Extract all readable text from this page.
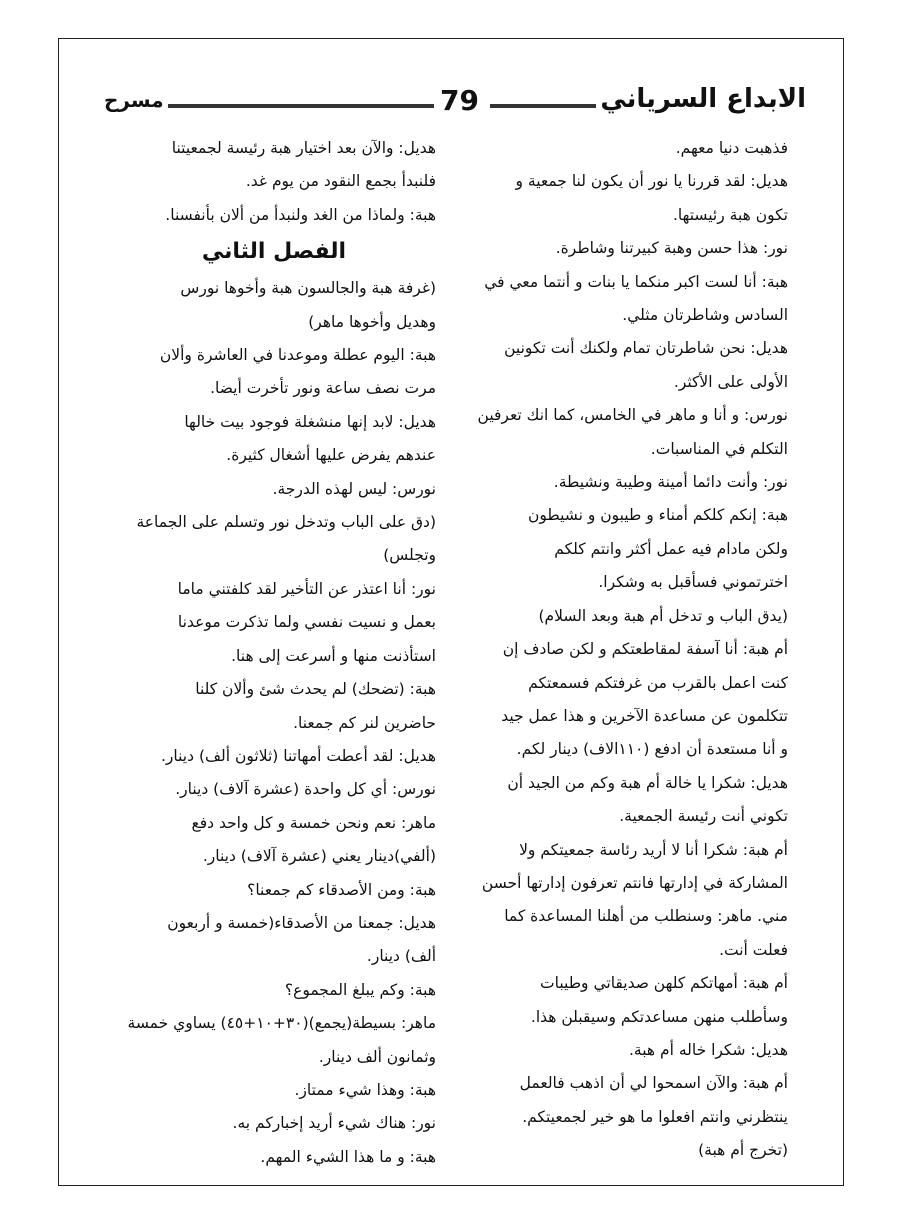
مسرح	79	الابداع السرياني
فذهبت دنيا معهم.
هديل: لقد قررنا يا نور أن يكون لنا جمعية و
تكون هبة رئيستها.
نور: هذا حسن وهبة كبيرتنا وشاطرة.
هبة: أنا لست اكبر منكما يا بنات و أنتما معي في
السادس وشاطرتان مثلي.
هديل: نحن شاطرتان تمام ولكنك أنت تكونين
الأولى على الأكثر.
نورس: و أنا و ماهر في الخامس، كما انك تعرفين
التكلم في المناسبات.
نور: وأنت دائما أمينة وطيبة ونشيطة.
هبة: إنكم كلكم أمناء و طيبون و نشيطون
ولكن مادام فيه عمل أكثر وانتم كلكم
اخترتموني فسأقبل به وشكرا.
(يدق الباب و تدخل أم هبة وبعد السلام)
أم هبة: أنا آسفة لمقاطعتكم و لكن صادف إن
كنت اعمل بالقرب من غرفتكم فسمعتكم
تتكلمون عن مساعدة الآخرين و هذا عمل جيد
و أنا مستعدة أن ادفع (١١٠الاف) دينار لكم.
هديل: شكرا يا خالة أم هبة وكم من الجيد أن
تكوني أنت رئيسة الجمعية.
أم هبة: شكرا أنا لا أريد رئاسة جمعيتكم ولا
المشاركة في إدارتها فانتم تعرفون إدارتها أحسن
مني. ماهر: وسنطلب من أهلنا المساعدة كما
فعلت أنت.
أم هبة: أمهاتكم كلهن صديقاتي وطيبات
وسأطلب منهن مساعدتكم وسيقبلن هذا.
هديل: شكرا خاله أم هبة.
أم هبة: والآن اسمحوا لي أن اذهب فالعمل
ينتظرني وانتم افعلوا ما هو خير لجمعيتكم.
(تخرج أم هبة)
هديل: والآن بعد اختيار هبة رئيسة لجمعيتنا
فلنبدأ بجمع النقود من يوم غد.
هبة: ولماذا من الغد ولنبدأ من ألان بأنفسنا.
الفصل الثاني
(غرفة هبة والجالسون هبة وأخوها نورس
وهديل وأخوها ماهر)
هبة: اليوم عطلة وموعدنا في العاشرة وألان
مرت نصف ساعة ونور تأخرت أيضا.
هديل: لابد إنها منشغلة فوجود بيت خالها
عندهم يفرض عليها أشغال كثيرة.
نورس: ليس لهذه الدرجة.
(دق على الباب وتدخل نور وتسلم على الجماعة
وتجلس)
نور: أنا اعتذر عن التأخير لقد كلفتني ماما
بعمل و نسيت نفسي ولما تذكرت موعدنا
استأذنت منها و أسرعت إلى هنا.
هبة: (تضحك) لم يحدث شئ وألان كلنا
حاضرين لنر كم جمعنا.
هديل: لقد أعطت أمهاتنا (ثلاثون ألف) دينار.
نورس: أي كل واحدة (عشرة آلاف) دينار.
ماهر: نعم ونحن خمسة و كل واحد دفع
(ألفي)دينار يعني (عشرة آلاف) دينار.
هبة: ومن الأصدقاء كم جمعنا؟
هديل: جمعنا من الأصدقاء(خمسة و أربعون
ألف) دينار.
هبة: وكم يبلغ المجموع؟
ماهر: بسيطة(يجمع)(٣٠+١٠+٤٥) يساوي خمسة
وثمانون ألف دينار.
هبة: وهذا شيء ممتاز.
نور: هناك شيء أريد إخباركم به.
هبة: و ما هذا الشيء المهم.
